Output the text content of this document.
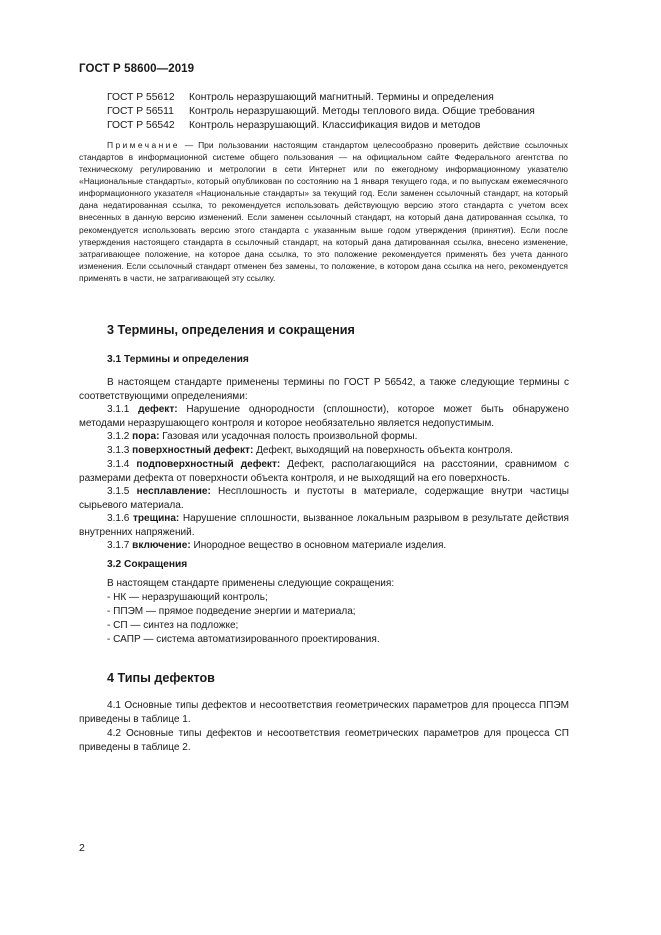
ГОСТ Р 58600—2019
ГОСТ Р 55612 Контроль неразрушающий магнитный. Термины и определения
ГОСТ Р 56511 Контроль неразрушающий. Методы теплового вида. Общие требования
ГОСТ Р 56542 Контроль неразрушающий. Классификация видов и методов
Примечание — При пользовании настоящим стандартом целесообразно проверить действие ссылочных стандартов в информационной системе общего пользования — на официальном сайте Федерального агентства по техническому регулированию и метрологии в сети Интернет или по ежегодному информационному указателю «Национальные стандарты», который опубликован по состоянию на 1 января текущего года, и по выпускам ежемесячного информационного указателя «Национальные стандарты» за текущий год. Если заменен ссылочный стандарт, на который дана недатированная ссылка, то рекомендуется использовать действующую версию этого стандарта с учетом всех внесенных в данную версию изменений. Если заменен ссылочный стандарт, на который дана датированная ссылка, то рекомендуется использовать версию этого стандарта с указанным выше годом утверждения (принятия). Если после утверждения настоящего стандарта в ссылочный стандарт, на который дана датированная ссылка, внесено изменение, затрагивающее положение, на которое дана ссылка, то это положение рекомендуется применять без учета данного изменения. Если ссылочный стандарт отменен без замены, то положение, в котором дана ссылка на него, рекомендуется применять в части, не затрагивающей эту ссылку.
3 Термины, определения и сокращения
3.1 Термины и определения
В настоящем стандарте применены термины по ГОСТ Р 56542, а также следующие термины с соответствующими определениями:
3.1.1 дефект: Нарушение однородности (сплошности), которое может быть обнаружено методами неразрушающего контроля и которое необязательно является недопустимым.
3.1.2 пора: Газовая или усадочная полость произвольной формы.
3.1.3 поверхностный дефект: Дефект, выходящий на поверхность объекта контроля.
3.1.4 подповерхностный дефект: Дефект, располагающийся на расстоянии, сравнимом с размерами дефекта от поверхности объекта контроля, и не выходящий на его поверхность.
3.1.5 несплавление: Несплошность и пустоты в материале, содержащие внутри частицы сырьевого материала.
3.1.6 трещина: Нарушение сплошности, вызванное локальным разрывом в результате действия внутренних напряжений.
3.1.7 включение: Инородное вещество в основном материале изделия.
3.2 Сокращения
В настоящем стандарте применены следующие сокращения:
- НК — неразрушающий контроль;
- ППЭМ — прямое подведение энергии и материала;
- СП — синтез на подложке;
- САПР — система автоматизированного проектирования.
4 Типы дефектов
4.1 Основные типы дефектов и несоответствия геометрических параметров для процесса ППЭМ приведены в таблице 1.
4.2 Основные типы дефектов и несоответствия геометрических параметров для процесса СП приведены в таблице 2.
2
